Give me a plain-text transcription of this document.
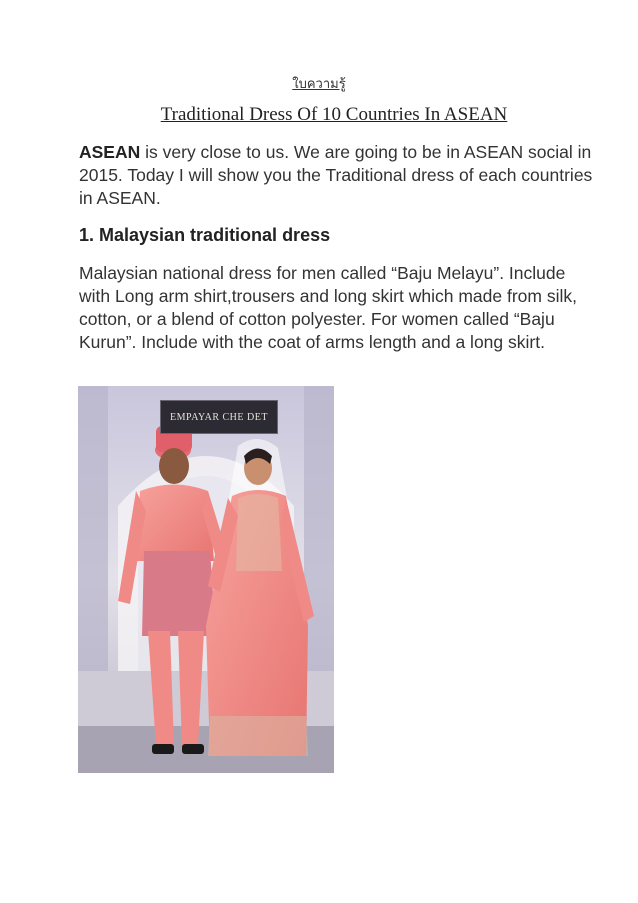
ใบความรู้
Traditional Dress Of 10 Countries In ASEAN
ASEAN is very close to us. We are going to be in ASEAN social in 2015. Today I will show you the Traditional dress of each countries in ASEAN.
1. Malaysian traditional dress
Malaysian national dress for men called “Baju Melayu”. Include with Long arm shirt,trousers and long skirt which made from silk, cotton, or a blend of cotton polyester. For women called “Baju Kurun”. Include with the coat of arms length and a long skirt.
EMPAYAR CHE DET
